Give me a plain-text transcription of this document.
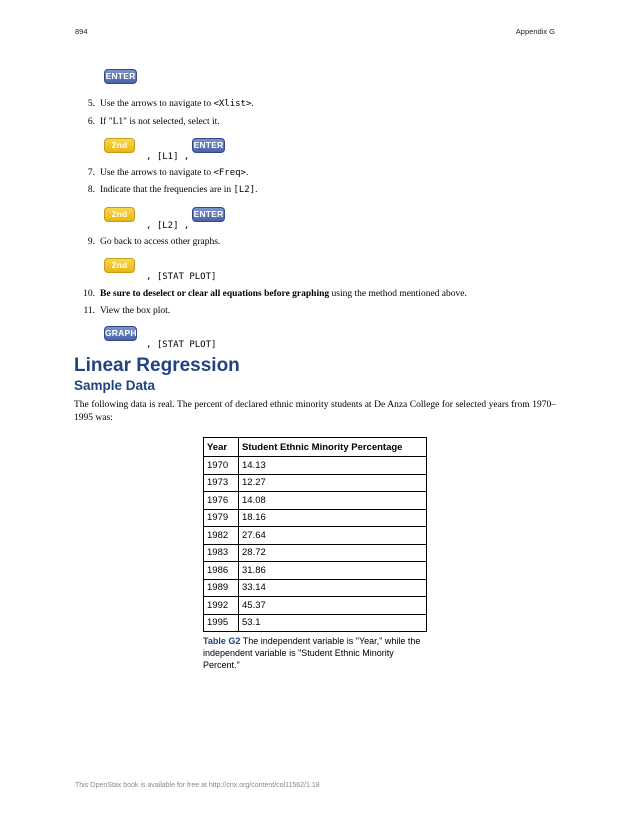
894	Appendix G
ENTER
5. Use the arrows to navigate to <Xlist>.
6. If "L1" is not selected, select it.
2nd	ENTER
, [L1] ,
7. Use the arrows to navigate to <Freq>.
8. Indicate that the frequencies are in [L2].
2nd	ENTER
, [L2] ,
9. Go back to access other graphs.
2nd
, [STAT PLOT]
10. Be sure to deselect or clear all equations before graphing using the method mentioned above.
11. View the box plot.
GRAPH
, [STAT PLOT]
Linear Regression
Sample Data
The following data is real. The percent of declared ethnic minority students at De Anza College for selected years from 1970–1995 was:
Year	Student Ethnic Minority Percentage
1970	14.13
1973	12.27
1976	14.08
1979	18.16
1982	27.64
1983	28.72
1986	31.86
1989	33.14
1992	45.37
1995	53.1
Table G2 The independent variable is "Year," while the independent variable is "Student Ethnic Minority Percent."
This OpenStax book is available for free at http://cnx.org/content/col11562/1.18
